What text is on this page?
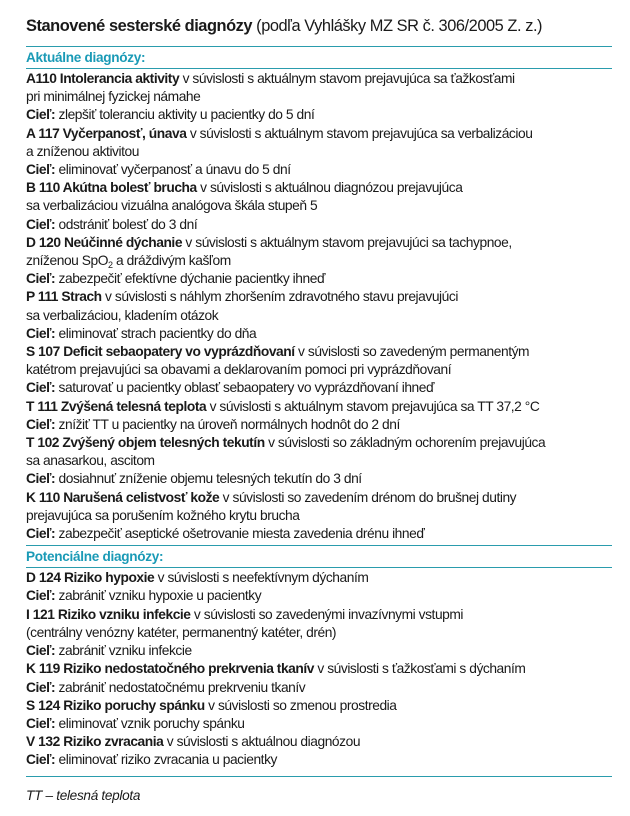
Stanovené sesterské diagnózy (podľa Vyhlášky MZ SR č. 306/2005 Z. z.)
Aktuálne diagnózy:
A110 Intolerancia aktivity v súvislosti s aktuálnym stavom prejavujúca sa ťažkosťami
pri minimálnej fyzickej námahe
Cieľ: zlepšiť toleranciu aktivity u pacientky do 5 dní
A 117 Vyčerpanosť, únava v súvislosti s aktuálnym stavom prejavujúca sa verbalizáciou
a zníženou aktivitou
Cieľ: eliminovať vyčerpanosť a únavu do 5 dní
B 110 Akútna bolesť brucha v súvislosti s aktuálnou diagnózou prejavujúca
sa verbalizáciou vizuálna analógova škála stupeň 5
Cieľ: odstrániť bolesť do 3 dní
D 120 Neúčinné dýchanie v súvislosti s aktuálnym stavom prejavujúci sa tachypnoe,
zníženou SpO$_2$ a dráždivým kašľom
Cieľ: zabezpečiť efektívne dýchanie pacientky ihneď
P 111 Strach v súvislosti s náhlym zhoršením zdravotného stavu prejavujúci
sa verbalizáciou, kladením otázok
Cieľ: eliminovať strach pacientky do dňa
S 107 Deficit sebaopatery vo vyprázdňovaní v súvislosti so zavedeným permanentým
katétrom prejavujúci sa obavami a deklarovaním pomoci pri vyprázdňovaní
Cieľ: saturovať u pacientky oblasť sebaopatery vo vyprázdňovaní ihneď
T 111 Zvýšená telesná teplota v súvislosti s aktuálnym stavom prejavujúca sa TT 37,2 °C
Cieľ: znížiť TT u pacientky na úroveň normálnych hodnôt do 2 dní
T 102 Zvýšený objem telesných tekutín v súvislosti so základným ochorením prejavujúca
sa anasarkou, ascitom
Cieľ: dosiahnuť zníženie objemu telesných tekutín do 3 dní
K 110 Narušená celistvosť kože v súvislosti so zavedením drénom do brušnej dutiny
prejavujúca sa porušením kožného krytu brucha
Cieľ: zabezpečiť aseptické ošetrovanie miesta zavedenia drénu ihneď
Potenciálne diagnózy:
D 124 Riziko hypoxie v súvislosti s neefektívnym dýchaním
Cieľ: zabrániť vzniku hypoxie u pacientky
I 121 Riziko vzniku infekcie v súvislosti so zavedenými invazívnymi vstupmi
(centrálny venózny katéter, permanentný katéter, drén)
Cieľ: zabrániť vzniku infekcie
K 119 Riziko nedostatočného prekrvenia tkanív v súvislosti s ťažkosťami s dýchaním
Cieľ: zabrániť nedostatočnému prekrveniu tkanív
S 124 Riziko poruchy spánku v súvislosti so zmenou prostredia
Cieľ: eliminovať vznik poruchy spánku
V 132 Riziko zvracania v súvislosti s aktuálnou diagnózou
Cieľ: eliminovať riziko zvracania u pacientky
TT – telesná teplota
